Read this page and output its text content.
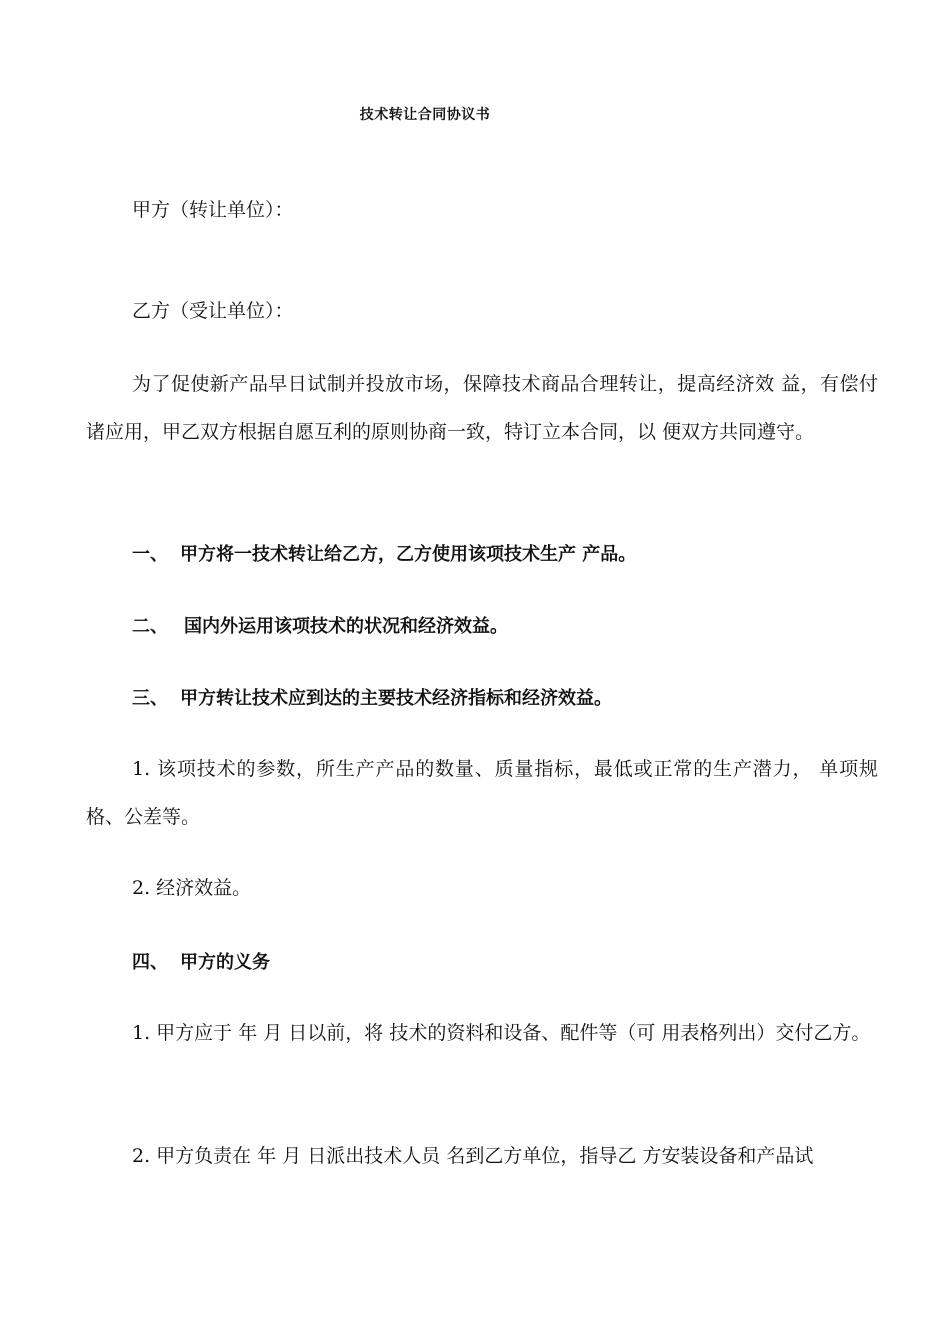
技术转让合同协议书

甲方（转让单位）：

乙方（受让单位）：

为了促使新产品早日试制并投放市场，保障技术商品合理转让，提高经济效 益，有偿付诸应用，甲乙双方根据自愿互利的原则协商一致，特订立本合同，以 便双方共同遵守。

一、 甲方将一技术转让给乙方，乙方使用该项技术生产 产品。
二、 国内外运用该项技术的状况和经济效益。
三、 甲方转让技术应到达的主要技术经济指标和经济效益。

1. 该项技术的参数，所生产产品的数量、质量指标，最低或正常的生产潜力， 单项规格、公差等。

2. 经济效益。

四、 甲方的义务

1. 甲方应于 年 月 日以前，将 技术的资料和设备、配件等（可 用表格列出）交付乙方。

2. 甲方负责在 年 月 日派出技术人员 名到乙方单位，指导乙 方安装设备和产品试
